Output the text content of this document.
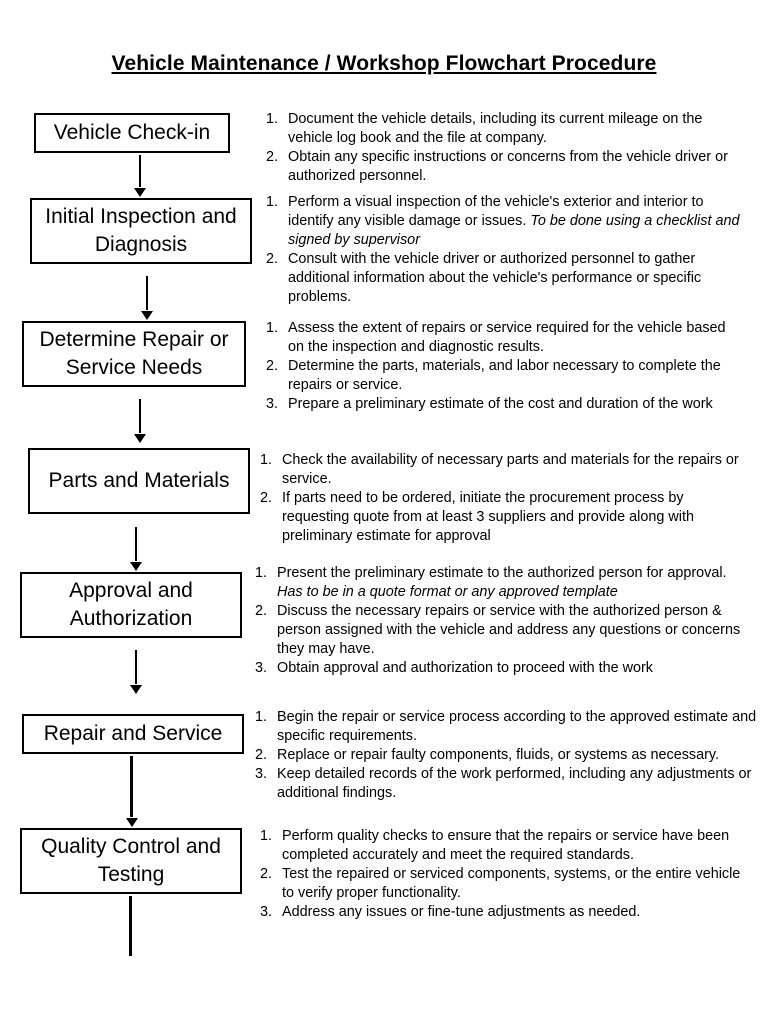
Vehicle Maintenance / Workshop Flowchart Procedure
Vehicle Check-in
Initial Inspection and Diagnosis
Determine Repair or Service Needs
Parts and Materials
Approval and Authorization
Repair and Service
Quality Control and Testing
1. Document the vehicle details, including its current mileage on the vehicle log book and the file at company.
2. Obtain any specific instructions or concerns from the vehicle driver or authorized personnel.
1. Perform a visual inspection of the vehicle's exterior and interior to identify any visible damage or issues. To be done using a checklist and signed by supervisor
2. Consult with the vehicle driver or authorized personnel to gather additional information about the vehicle's performance or specific problems.
1. Assess the extent of repairs or service required for the vehicle based on the inspection and diagnostic results.
2. Determine the parts, materials, and labor necessary to complete the repairs or service.
3. Prepare a preliminary estimate of the cost and duration of the work
1. Check the availability of necessary parts and materials for the repairs or service.
2. If parts need to be ordered, initiate the procurement process by requesting quote from at least 3 suppliers and provide along with preliminary estimate for approval
1. Present the preliminary estimate to the authorized person for approval. Has to be in a quote format or any approved template
2. Discuss the necessary repairs or service with the authorized person & person assigned with the vehicle and address any questions or concerns they may have.
3. Obtain approval and authorization to proceed with the work
1. Begin the repair or service process according to the approved estimate and specific requirements.
2. Replace or repair faulty components, fluids, or systems as necessary.
3. Keep detailed records of the work performed, including any adjustments or additional findings.
1. Perform quality checks to ensure that the repairs or service have been completed accurately and meet the required standards.
2. Test the repaired or serviced components, systems, or the entire vehicle to verify proper functionality.
3. Address any issues or fine-tune adjustments as needed.
